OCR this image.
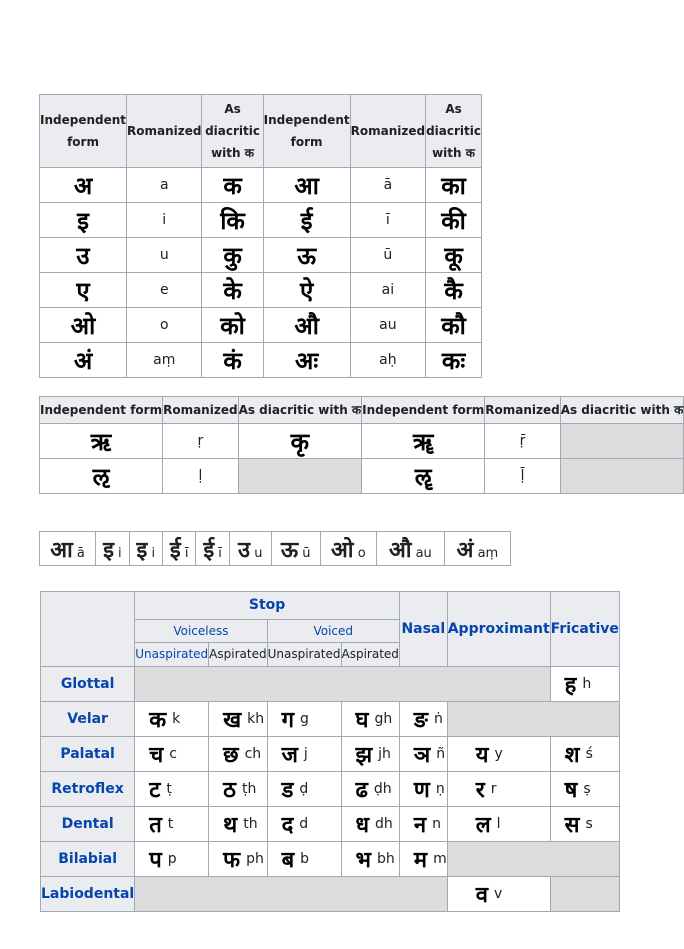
Independent form	Romanized	As diacritic with क	Independent form	Romanized	As diacritic with क
अ	a	क	आ	ā	का
इ	i	कि	ई	ī	की
उ	u	कु	ऊ	ū	कू
ए	e	के	ऐ	ai	कै
ओ	o	को	औ	au	कौ
अं	aṃ	कं	अः	aḥ	कः
Independent form	Romanized	As diacritic with क	Independent form	Romanized	As diacritic with क
ऋ	ṛ	कृ	ॠ	ṝ	
ऌ	ḷ		ॡ	ḹ	
आ ā	इ i	इ i	ई ī	ई ī	उ u	ऊ ū	ओ o	औ au	अं aṃ
	Stop				Nasal	Approximant	Fricative
	Voiceless		Voiced				
	Unaspirated	Aspirated	Unaspirated	Aspirated			
Glottal							ह h
Velar	क k	ख kh	ग g	घ gh	ङ ṅ		
Palatal	च c	छ ch	ज j	झ jh	ञ ñ	य y	श ś
Retroflex	ट ṭ	ठ ṭh	ड ḍ	ढ ḍh	ण ṇ	र r	ष ṣ
Dental	त t	थ th	द d	ध dh	न n	ल l	स s
Bilabial	प p	फ ph	ब b	भ bh	म m		
Labiodental						व v	
